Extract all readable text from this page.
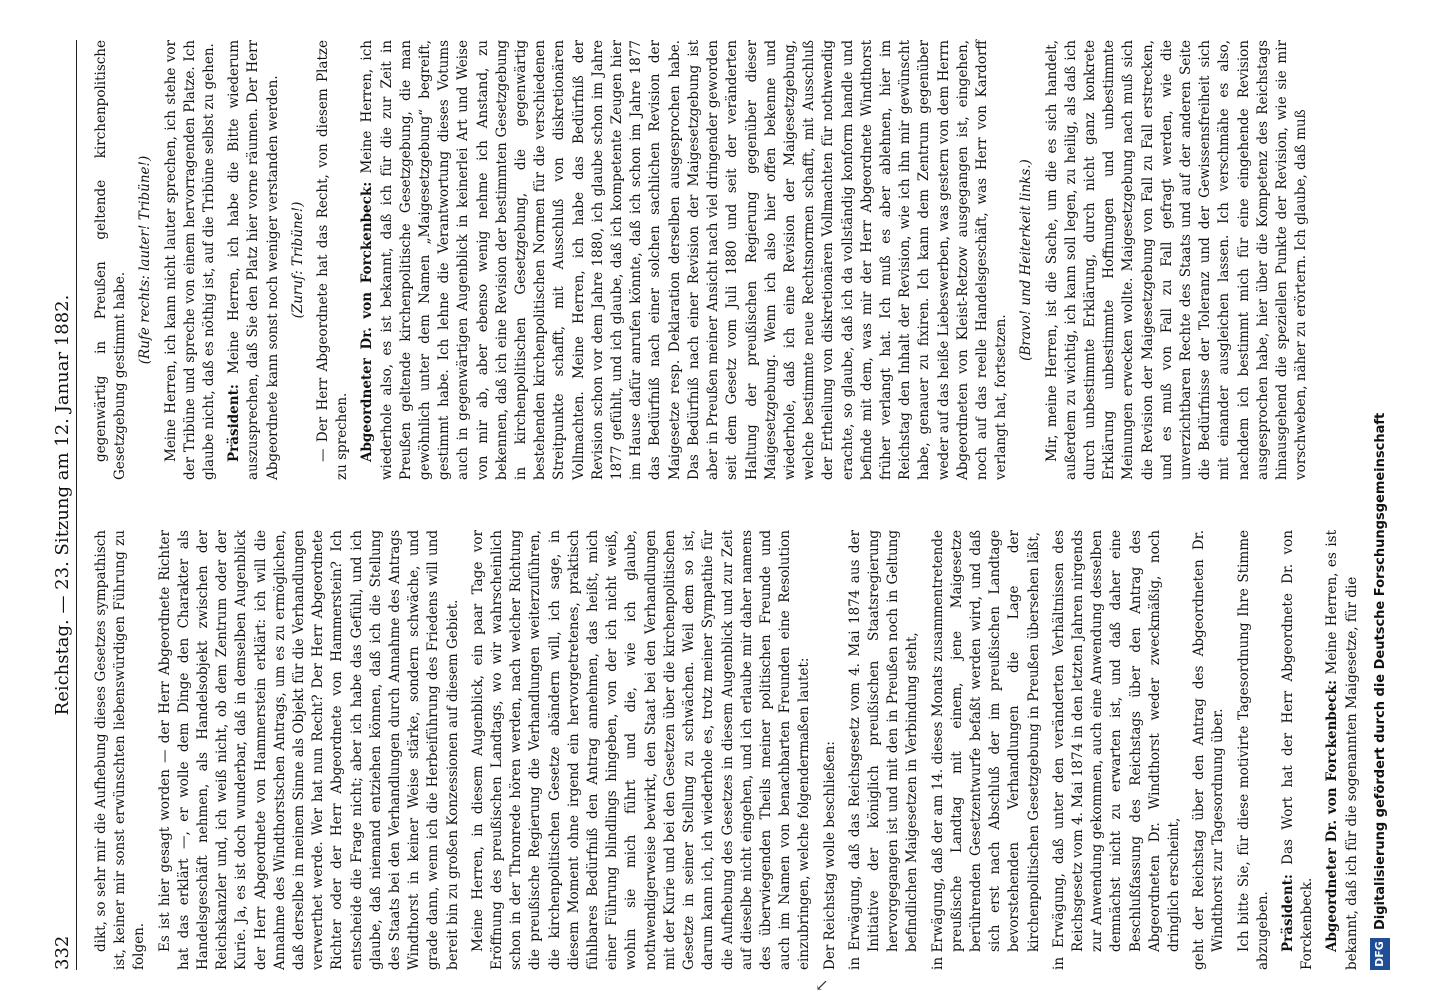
332
Reichstag. — 23. Sitzung am 12. Januar 1882.

dikt, so sehr mir die Aufhebung dieses Gesetzes sympathisch ist, keiner mir sonst erwünschten liebenswürdigen Führung zu folgen. Es ist hier gesagt worden — der Herr Abgeordnete Richter hat das erklärt —, er wolle dem Dinge den Charakter als Handelsgeschäft nehmen, als Handelsobjekt zwischen der Reichskanzler und, ich weiß nicht, ob dem Zentrum oder der Kurie. Ja, es ist doch wunderbar, daß in demselben Augenblick der Herr Abgeordnete von Hammerstein erklärt: ich will die Annahme des Windthorstschen Antrags, um es zu ermöglichen, daß derselbe in meinem Sinne als Objekt für die Verhandlungen verwerthet werde. Wer hat nun Recht? Der Herr Abgeordnete Richter oder der Herr Abgeordnete von Hammerstein? Ich entscheide die Frage nicht; aber ich habe das Gefühl, und ich glaube, daß niemand entziehen können, daß ich die Stellung des Staats bei den Verhandlungen durch Annahme des Antrags Windthorst in keiner Weise stärke, sondern schwäche, und grade dann, wenn ich die Herbeiführung des Friedens will und bereit bin zu großen Konzessionen auf diesem Gebiet. Meine Herren, in diesem Augenblick, ein paar Tage vor Eröffnung des preußischen Landtags, wo wir wahrscheinlich schon in der Thronrede hören werden, nach welcher Richtung die preußische Regierung die Verhandlungen weiterzuführen, die kirchenpolitischen Gesetze abändern will, ich sage, in diesem Moment ohne irgend ein hervorgetretenes, praktisch fühlbares Bedürfniß den Antrag annehmen, das heißt, mich einer Führung blindlings hingeben, von der ich nicht weiß, wohin sie mich führt und die, wie ich glaube, nothwendigerweise bewirkt, den Staat bei den Verhandlungen mit der Kurie und bei den Gesetzen über die kirchenpolitischen Gesetze in seiner Stellung zu schwächen. Weil dem so ist, darum kann ich, ich wiederhole es, trotz meiner Sympathie für die Aufhebung des Gesetzes in diesem Augenblick und zur Zeit auf dieselbe nicht eingehen, und ich erlaube mir daher namens des überwiegenden Theils meiner politischen Freunde und auch im Namen von benachbarten Freunden eine Resolution einzubringen, welche folgendermaßen lautet: Der Reichstag wolle beschließen: in Erwägung, daß das Reichsgesetz vom 4. Mai 1874 aus der Initiative der königlich preußischen Staatsregierung hervorgegangen ist und mit den in Preußen noch in Geltung befindlichen Maigesetzen in Verbindung steht, in Erwägung, daß der am 14. dieses Monats zusammentretende preußische Landtag mit einem, jene Maigesetze berührenden Gesetzentwurfe befaßt werden wird, und daß sich erst nach Abschluß der im preußischen Landtage bevorstehenden Verhandlungen die Lage der kirchenpolitischen Gesetzgebung in Preußen übersehen läßt, in Erwägung, daß unter den veränderten Verhältnissen des Reichsgesetz vom 4. Mai 1874 in den letzten Jahren nirgends zur Anwendung gekommen, auch eine Anwendung desselben demnächst nicht zu erwarten ist, und daß daher eine Beschlußfassung des Reichstags über den Antrag des Abgeordneten Dr. Windthorst weder zweckmäßig, noch dringlich erscheint, geht der Reichstag über den Antrag des Abgeordneten Dr. Windthorst zur Tagesordnung über. Ich bitte Sie, für diese motivirte Tagesordnung Ihre Stimme abzugeben. Präsident: Das Wort hat der Herr Abgeordnete Dr. von Forckenbeck. Abgeordneter Dr. von Forckenbeck: Meine Herren, es ist bekannt, daß ich für die sogenannten Maigesetze, für die

gegenwärtig in Preußen geltende kirchenpolitische Gesetzgebung gestimmt habe.

(Rufe rechts: lauter! Tribüne!) Meine Herren, ich kann nicht lauter sprechen, ich stehe vor der Tribüne und spreche von einem hervorragenden Platze. Ich glaube nicht, daß es nöthig ist, auf die Tribüne selbst zu gehen. Präsident: Meine Herren, ich habe die Bitte wiederum auszusprechen, daß Sie den Platz hier vorne räumen. Der Herr Abgeordnete kann sonst noch weniger verstanden werden. (Zuruf: Tribüne!) — Der Herr Abgeordnete hat das Recht, von diesem Platze zu sprechen. Abgeordneter Dr. von Forckenbeck: Meine Herren, ich wiederhole also, es ist bekannt, daß ich für die zur Zeit in Preußen geltende kirchenpolitische Gesetzgebung, die man gewöhnlich unter dem Namen „Maigesetzgebung“ begreift, gestimmt habe. Ich lehne die Verantwortung dieses Votums auch in gegenwärtigen Augenblick in keinerlei Art und Weise von mir ab, aber ebenso wenig nehme ich Anstand, zu bekennen, daß ich eine Revision der bestimmten Gesetzgebung in kirchenpolitischen Gesetzgebung, die gegenwärtig bestehenden kirchenpolitischen Normen für die verschiedenen Streitpunkte schafft, mit Ausschluß von diskretionären Vollmachten. Meine Herren, ich habe das Bedürfniß der Revision schon vor dem Jahre 1880, ich glaube schon im Jahre 1877 gefühlt, und ich glaube, daß ich kompetente Zeugen hier im Hause dafür anrufen könnte, daß ich schon im Jahre 1877 das Bedürfniß nach einer solchen sachlichen Revision der Maigesetze resp. Deklaration derselben ausgesprochen habe. Das Bedürfniß nach einer Revision der Maigesetzgebung ist aber in Preußen meiner Ansicht nach viel dringender geworden seit dem Gesetz vom Juli 1880 und seit der veränderten Haltung der preußischen Regierung gegenüber dieser Maigesetzgebung. Wenn ich also hier offen bekenne und wiederhole, daß ich eine Revision der Maigesetzgebung, welche bestimmte neue Rechtsnormen schafft, mit Ausschluß der Ertheilung von diskretionären Vollmachten für nothwendig erachte, so glaube, daß ich da vollständig konform handle und befinde mit dem, was mir der Herr Abgeordnete Windthorst früher verlangt hat. Ich muß es aber ablehnen, hier im Reichstag den Inhalt der Revision, wie ich ihn mir gewünscht habe, genauer zu fixiren. Ich kann dem Zentrum gegenüber weder auf das heiße Liebeswerben, was gestern von dem Herrn Abgeordneten von Kleist-Retzow ausgegangen ist, eingehen, noch auf das reelle Handelsgeschäft, was Herr von Kardorff verlangt hat, fortsetzen.

(Bravo! und Heiterkeit links.) Mir, meine Herren, ist die Sache, um die es sich handelt, außerdem zu wichtig, ich kann soll legen, zu heilig, als daß ich durch unbestimmte Erklärung, durch nicht ganz konkrete Erklärung unbestimmte Hoffnungen und unbestimmte Meinungen erwecken wollte. Maigesetzgebung nach muß sich die Revision der Maigesetzgebung von Fall zu Fall erstrecken, und es muß von Fall zu Fall gefragt werden, wie die unverzichtbaren Rechte des Staats und auf der anderen Seite die Bedürfnisse der Toleranz und der Gewissensfreiheit sich mit einander ausgleichen lassen. Ich verschmähe es also, nachdem ich bestimmt mich für eine eingehende Revision ausgesprochen habe, hier über die Kompetenz des Reichstags hinausgehend die speziellen Punkte der Revision, wie sie mir vorschweben, näher zu erörtern. Ich glaube, daß muß

↖
DFG
Digitalisierung gefördert durch die Deutsche Forschungsgemeinschaft
